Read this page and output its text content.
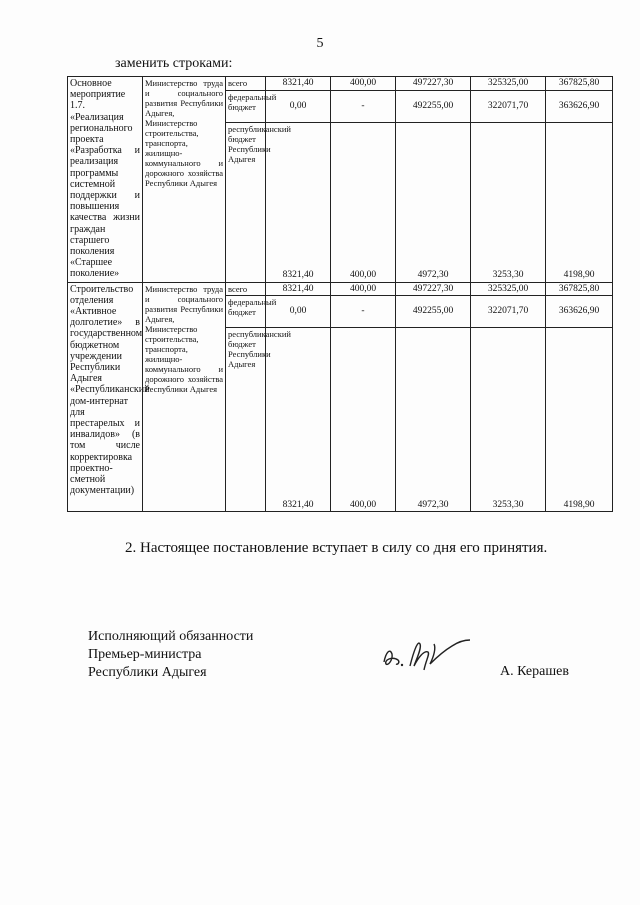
5
заменить строками:
Основное мероприятие 1.7. «Реализация регионального проекта «Разработка и реализация программы системной поддержки и повышения качества жизни граждан старшего поколения «Старшее поколение»	Министерство труда и социального развития Республики Адыгея, Министерство строительства, транспорта, жилищно-коммунального и дорожного хозяйства Республики Адыгея	всего	8321,40	400,00	497227,30	325325,00	367825,80
		федеральный бюджет	0,00	-	492255,00	322071,70	363626,90
		республиканский бюджет Республики Адыгея	8321,40	400,00	4972,30	3253,30	4198,90
Строительство отделения «Активное долголетие» в государственном бюджетном учреждении Республики Адыгея «Республиканский дом-интернат для престарелых и инвалидов» (в том числе корректировка проектно-сметной документации)	Министерство труда и социального развития Республики Адыгея, Министерство строительства, транспорта, жилищно-коммунального и дорожного хозяйства Республики Адыгея	всего	8321,40	400,00	497227,30	325325,00	367825,80
		федеральный бюджет	0,00	-	492255,00	322071,70	363626,90
		республиканский бюджет Республики Адыгея	8321,40	400,00	4972,30	3253,30	4198,90
2. Настоящее постановление вступает в силу со дня его принятия.
Исполняющий обязанности
Премьер-министра
Республики Адыгея	А. Керашев
